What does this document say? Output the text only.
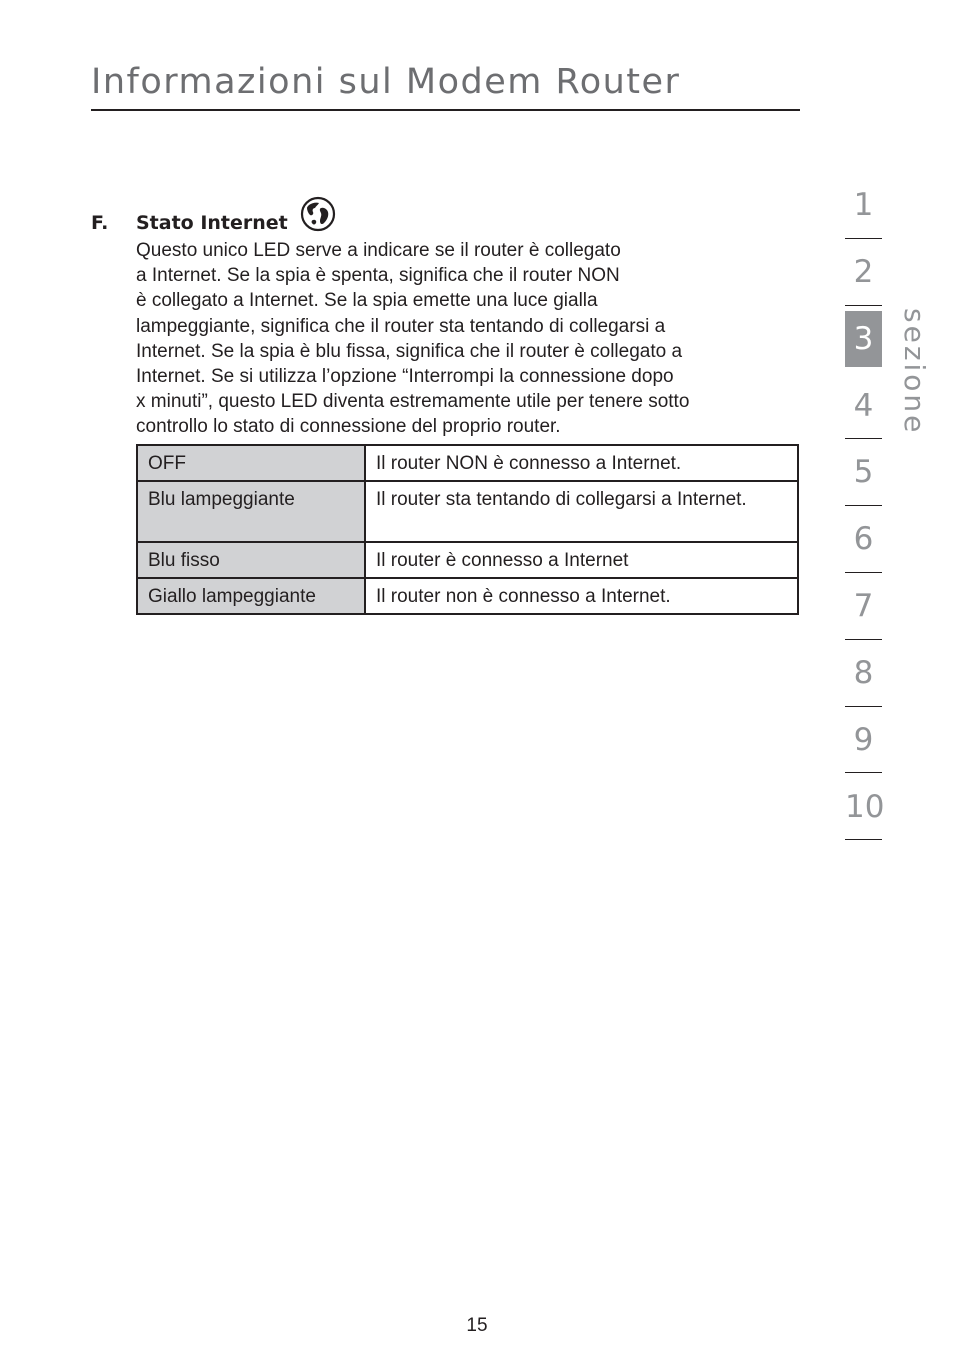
Informazioni sul Modem Router
F. Stato Internet
Questo unico LED serve a indicare se il router è collegato
a Internet. Se la spia è spenta, significa che il router NON
è collegato a Internet. Se la spia emette una luce gialla
lampeggiante, significa che il router sta tentando di collegarsi a
Internet. Se la spia è blu fissa, significa che il router è collegato a
Internet. Se si utilizza l’opzione “Interrompi la connessione dopo
x minuti”, questo LED diventa estremamente utile per tenere sotto
controllo lo stato di connessione del proprio router.
OFF	Il router NON è connesso a Internet.
Blu lampeggiante	Il router sta tentando di collegarsi a Internet.
Blu fisso	Il router è connesso a Internet
Giallo lampeggiante	Il router non è connesso a Internet.
1
2
3
4
5
6
7
8
9
10
sezione
15
